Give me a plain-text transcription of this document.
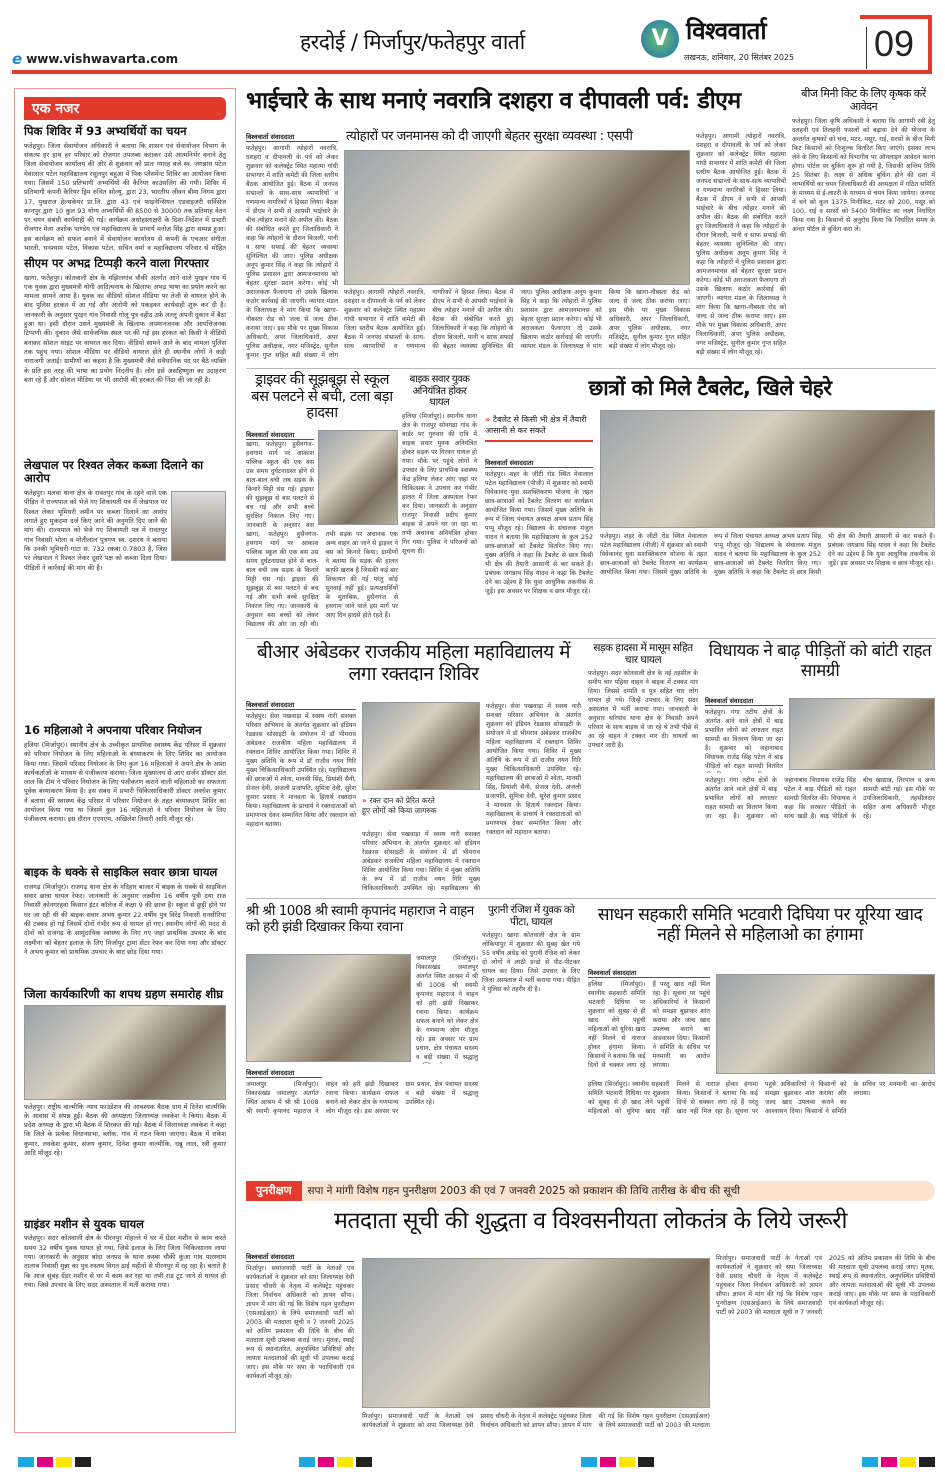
e www.vishwavarta.com
हरदोई / मिर्जापुर/फतेहपुर वार्ता	V विश्ववार्ता
लखनऊ, शनिवार, 20 सितंबर 2025 09
एक नजर
पिक शिविर में 93 अभ्यर्थियों का चयन
फतेहपुर। जिला सेवायोजन अधिकारी ने बताया कि शासन एवं सेवायोजन विभाग के संकल्प हर हाथ हर परिवार को रोजगार उपलब्ध कराकर उसे आत्मनिर्भर बनाने हेतु जिला सेवायोजन कार्यालय की ओर से शुक्रवार को प्रातः ग्यारह बजे स्व. जगन्नाथ पटेल मेवालाल पटेल महाविद्यालय रसूलपुर बहुआ में पिक प्लेसमेन्ट शिविर का आयोजन किया गया। जिसमें 150 प्रतिभागी अभ्यर्थियों की कैरियर काउंसलिंग की गयी। शिविर में प्रतिभागी कंपनी कैरियर ड्रिम रुचित सोल्यू. द्वारा 23, भारतीय जीवन बीमा निगम द्वारा 17, पुखराज हेल्थकेयर प्रा.लि. द्वारा 43 एवं फाइनेन्सियल एडवाइजरी सर्विसेज कानपुर द्वारा 10 कुल 93 योग्य अभ्यर्थियों की 8500 से 30000 तक प्रतिमाह वेतन पर चयन संबंधी कार्यवाही की गई। कार्यक्रम अधोहस्ताक्षरी के दिशा-निर्देशन में प्रभारी रोजगार मेला अशोक पाण्डेय एवं महाविद्यालय के प्राचार्य मनोज सिंह द्वारा सम्पन्न हुआ। इस कार्यक्रम को सफल बनाने में सेवायोजन कार्यालय से कंपनी के एचआर संगीता भारती, घनश्याम पटेल, विकास पटेल, सचिन वर्मा व महाविद्यालय परिवार से मोहित
सीएम पर अभद्र टिप्पड़ी करने वाला गिरफ्तार
खागा, फतेहपुर। कोतवाली क्षेत्र के मंझिलगांव चौकी अंतर्गत आने वाले पुरइन गांव में एक युवक द्वारा मुख्यमंत्री योगी आदित्यनाथ के खिलाफ अभद्र भाषा का प्रयोग करने का मामला सामने आया है। युवक का वीडियो सोशल मीडिया पर तेजी से वायरल होने के बाद पुलिस हरकत में आ गई और आरोपी को पकड़कर कार्यवाही शुरू कर दी है। जानकारी के अनुसार पुरइन गांव निवासी गोलू पुत्र वहीद उर्फ लल्लू अपनी दुकान में बैठा हुआ था। इसी दौरान उसने मुख्यमंत्री के खिलाफ अपमानजनक और आपत्तिजनक टिप्पणी की। दुकान जैसे सार्वजनिक स्थल पर की गई इस हरकत को किसी ने वीडियो बनाकर सोशल साइट पर वायरल कर दिया। वीडियो सामने आने के बाद मामला पुलिस तक पहुंच गया। सोशल मीडिया पर वीडियो वायरल होते ही स्थानीय लोगों ने कड़ी नाराजगी जताई। ग्रामीणों का कहना है कि मुख्यमंत्री जैसे संवैधानिक पद पर बैठे व्यक्ति के प्रति इस तरह की भाषा का प्रयोग निंदनीय है। लोग इसे असहिष्णुता का उदाहरण बता रहे हैं और सोशल मीडिया पर भी आरोपी की हरकत की निंदा की जा रही है।
लेखपाल पर रिश्वत लेकर कब्जा दिलाने का आरोप
फतेहपुर। मलवां थाना क्षेत्र के रावतपुर गांव के रहने वाले एक पीड़ित ने राज्यपाल को भेजे गए शिकायती पत्र में लेखपाल पर रिश्वत लेकर भूमिधरी जमीन पर कब्जा दिलाने का आरोप लगाते हुए मुकदमा दर्ज किए जाने की अनुमति दिए जाने की मांग की। राज्यपाल को भेजे गए शिकायती पत्र में रावतपुर गांव निवासी भोला व मोतीलाल पुत्रगण स्व. दशरथ ने बताया कि उनकी भूमिधरी गाटा सं. 732 रकबा 0.7803 है, जिस पर लेखपाल ने रिश्वत लेकर दूसरे पक्ष को कब्जा दिला दिया। पीड़ितों ने कार्रवाई की मांग की है।
16 महिलाओ ने अपनाया परिवार नियोजन
हलिया (मिर्जापुर)। स्थानीय क्षेत्र के उच्चीकृत प्राथमिक स्वास्थ्य केंद्र परिसर में शुक्रवार को परिवार नियोजन के लिए महिलाओ के बंध्याकरण के लिए शिविर का आयोजन किया गया। जिसमें परिवार नियोजन के लिए कुल 16 महिलाओ ने अपने क्षेत्र के आशा कार्यकर्ताओ के माध्यम से पंजीकरण कराया। जिला मुख्यालय से आए सर्जन डॉक्टर संत लाल कि टीम ने परिवार नियोजन के लिए पंजीकरण कराने वाली महिलाओ का सफलता पूर्वक बंध्याकरण किया है। इस संबंध में प्रभारी चिकित्साधिकारी डॉक्टर अवधेश कुमार ने बताया की स्वास्थ्य केंद्र परिसर में परिवार नियोजन के तहत बंध्याकरण शिविर का आयोजन किया गया था जिसमें कुल 16 महिलाओ ने परिवार नियोजन के लिए पंजीकरण कराया। इस दौरान एएनएम, अखिलेश तिवारी आदि मौजूद रहे।
बाइक के धक्के से साइकिल सवार छात्रा घायल
राजगढ़ (मिर्जापुर)। राजगढ़ थाना क्षेत्र के नदिहार बाजार में बाइक के धक्के से साइकिल सवार छात्रा घायल रेफर। जानकारी के अनुसार लक्ष्मीना 16 वर्षीय पुत्री दया राज निवासी कोनगरहवा किसान इंटर कॉलेज में कक्षा 9 की छात्रा है। स्कूल से छुट्टी होने पर घर जा रही थी की बाइक सवार अभय कुमार 22 वर्षीय पुत्र विरेंद्र निवासी धनसीरिया की टक्कर हो गई जिसमें दोनों गंभीर रूप से घायल हो गए। स्थानीय लोगों की मदद से दोनों को राजगढ़ के सामुदायिक स्वास्थ्य के लिए गए जहां प्राथमिक उपचार के बाद लक्ष्मीना को बेहतर इलाज के लिए मिर्जापुर ट्रामा सेंटर रेफर कर दिया गया और डॉक्टर ने अभय कुमार को प्राथमिक उपचार के बाद छोड़ दिया गया।
जिला कार्यकारिणी का शपथ ग्रहण समारोह शीघ्र
फतेहपुर। राष्ट्रीय वाल्मीकि न्याय फाउंडेशन की आवश्यक बैठक ग्राम में दिनेश वाल्मीकि के आवास में संपन्न हुई। बैठक की अध्यक्षता जिलाध्यक्ष लवकेश ने किया। बैठक में प्रदेश अध्यक्ष के द्वारा भी बैठक में शिरकत की गई। बैठक में जिलाध्यक्ष लवकेश ने कहा कि जिले के प्रत्येक विधानसभा, ब्लॉक, गांव में गठन किया जाएगा। बैठक में राकेश कुमार, लवकेश कुमार, संजय कुमार, दिनेश कुमार वाल्मीकि, धन्नू लाल, रवी कुमार आदि मौजूद रहे।
ग्राइंडर मशीन से युवक घायल
फतेहपुर। सदर कोतवाली क्षेत्र के पीरनपुर मोहल्ले में घर में ग्रेंडर मशीन से काम करते समय 32 वर्षीय युवक घायल हो गया, जिसे इलाज के लिए जिला चिकित्सालय लाया गया। जानकारी के अनुसार बांदा जनपद के थाना कस्बा चौकी कुंआ गांव पारस्थाम तालाब निवासी मुन्ना का पुत्र रुस्तम विगत ढाई महीनों से पीरनपुर में रह रहा है। बताते है कि आज सुबह ग्रेंडर मशीन से घर में काम कर रहा था तभी राड टूट जाने से घायल हो गया। जिसे उपचार के लिए सदर अस्पताल में भर्ती कराया गया।
भाईचारे के साथ मनाएं नवरात्रि दशहरा व दीपावली पर्व: डीएम
विश्ववार्ता संवाददाता	त्योहारों पर जनमानस को दी जाएगी बेहतर सुरक्षा व्यवस्था : एसपी
फतेहपुर। आगामी त्योहारों नवरात्रि, दशहरा व दीपावली के पर्व को लेकर शुक्रवार को कलेक्ट्रेट स्थित महात्मा गांधी सभागार में शांति कमेटी की जिला स्तरीय बैठक आयोजित हुई। बैठक में जनपद संभ्रान्तों के साथ-साथ व्यापारियों व गणमान्य नागरिकों ने हिस्सा लिया। बैठक में डीएम ने सभी से आपसी भाईचारे के बीच त्योहार मनाने की अपील की। बैठक की संबोधित करते हुए जिलाधिकारी ने कहा कि त्योहारों के दौरान बिजली, पानी व साफ सफाई की बेहतर व्यवस्था सुनिश्चित की जाए। पुलिस अधीक्षक अनूप कुमार सिंह ने कहा कि त्योहारों में पुलिस प्रशासन द्वारा आमजनमानस को बेहतर सुरक्षा प्रदान करेगा। कोई भी अराजकता फैलाएगा तो उसके खिलाफ कठोर कार्रवाई की जाएगी। व्यापार मंडल के जिलाध्यक्ष ने मांग किया कि खागा-नौबस्ता रोड को जल्द से जल्द ठीक कराया जाए। इस मौके पर मुख्य विकास अधिकारी, अपर जिलाधिकारी, अपर पुलिस अधीक्षक, नगर मजिस्ट्रेट, सुनील कुमार गुप्त सहित बड़ी संख्या में लोग
फतेहपुर। आगामी त्योहारों नवरात्रि, दशहरा व दीपावली के पर्व को लेकर शुक्रवार को कलेक्ट्रेट स्थित महात्मा गांधी सभागार में शांति कमेटी की जिला स्तरीय बैठक आयोजित हुई। बैठक में जनपद संभ्रान्तों के साथ-साथ व्यापारियों व गणमान्य नागरिकों ने हिस्सा लिया। बैठक में डीएम ने सभी से आपसी भाईचारे के बीच त्योहार मनाने की अपील की। बैठक की संबोधित करते हुए जिलाधिकारी ने कहा कि त्योहारों के दौरान बिजली, पानी व साफ सफाई की बेहतर व्यवस्था सुनिश्चित की जाए। पुलिस अधीक्षक अनूप कुमार सिंह ने कहा कि त्योहारों में पुलिस प्रशासन द्वारा आमजनमानस को बेहतर सुरक्षा प्रदान करेगा। कोई भी अराजकता फैलाएगा तो उसके खिलाफ कठोर कार्रवाई की जाएगी। व्यापार मंडल के जिलाध्यक्ष ने मांग किया कि खागा-नौबस्ता रोड को जल्द से जल्द ठीक कराया जाए। इस मौके पर मुख्य विकास अधिकारी, अपर जिलाधिकारी, अपर पुलिस अधीक्षक, नगर मजिस्ट्रेट, सुनील कुमार गुप्त सहित बड़ी संख्या में लोग मौजूद रहे।
फतेहपुर। आगामी त्योहारों नवरात्रि, दशहरा व दीपावली के पर्व को लेकर शुक्रवार को कलेक्ट्रेट स्थित महात्मा गांधी सभागार में शांति कमेटी की जिला स्तरीय बैठक आयोजित हुई। बैठक में जनपद संभ्रान्तों के साथ-साथ व्यापारियों व गणमान्य नागरिकों ने हिस्सा लिया। बैठक में डीएम ने सभी से आपसी भाईचारे के बीच त्योहार मनाने की अपील की। बैठक की संबोधित करते हुए जिलाधिकारी ने कहा कि त्योहारों के दौरान बिजली, पानी व साफ सफाई की बेहतर व्यवस्था सुनिश्चित की जाए। पुलिस अधीक्षक अनूप कुमार सिंह ने कहा कि त्योहारों में पुलिस प्रशासन द्वारा आमजनमानस को बेहतर सुरक्षा प्रदान करेगा। कोई भी अराजकता फैलाएगा तो उसके खिलाफ कठोर कार्रवाई की जाएगी। व्यापार मंडल के जिलाध्यक्ष ने मांग किया कि खागा-नौबस्ता रोड को जल्द से जल्द ठीक कराया जाए। इस मौके पर मुख्य विकास अधिकारी, अपर जिलाधिकारी, अपर पुलिस अधीक्षक, नगर मजिस्ट्रेट, सुनील कुमार गुप्त सहित बड़ी संख्या में लोग मौजूद रहे।
बीज मिनी किट के लिए कृषक करें आवेदन
फतेहपुर। जिला कृषि अधिकारी ने बताया कि आगामी रबी हेतु दलहनी एवं तिलहनी फसलों को बढ़ावा देने की योजना के अन्तर्गत कृषकों को चना, मटर, मसूर, राई, सरसों के बीज मिनी किट किसानों को निःशुल्क वितरित किए जाएंगे। इसका लाभ लेने के लिए किसानों को विभागीय पर ऑनलाइन आवेदन करना होगा। पोर्टल पर बुकिंग शुरू हो गयी है, जिसकी अन्तिम तिथि 25 सितंबर है। लक्ष्य से अधिक बुकिंग होने की दशा में लाभार्थियों का चयन जिलाधिकारी की अध्यक्षता में गठित समिति के माध्यम से ई-लाटरी के माध्यम से चयन किया जायेगा। जनपद में चने को कुल 1375 मिनीकिट, मटर को 200, मसूर को 100, राई व सरसों को 5400 मिनीकिट का लक्ष्य निर्धारित किया गया है। किसानों से अनुरोध किया कि निर्धारित समय के अन्दर पोर्टल से बुकिंग करा लें।
ड्राइवर की सूझबूझ से स्कूल बस पलटने से बची, टला बड़ा हादसा
विश्ववार्ता संवाददाता
खागा, फतेहपुर। हुसैनगंज-हथगाम मार्ग पर आकाश पब्लिक स्कूल की एक बस उस समय दुर्घटनाग्रस्त होने से बाल-बाल बची जब सड़क के किनारे मिट्टी धंस गई। ड्राइवर की सूझबूझ से बस पलटने से बच गई और सभी बच्चे सुरक्षित निकाल लिए गए। जानकारी के अनुसार बस
खागा, फतेहपुर। हुसैनगंज-हथगाम मार्ग पर आकाश पब्लिक स्कूल की एक बस उस समय दुर्घटनाग्रस्त होने से बाल-बाल बची जब सड़क के किनारे मिट्टी धंस गई। ड्राइवर की सूझबूझ से बस पलटने से बच गई और सभी बच्चे सुरक्षित निकाल लिए गए। जानकारी के अनुसार बस बच्चों को लेकर विद्यालय की ओर जा रही थी। तभी सड़क पर अचानक एक अन्य वाहन आ जाने से ड्राइवर ने बस को किनारे किया। ग्रामीणों ने बताया कि सड़क की हालत काफी खराब है जिसकी कई बार शिकायत की गई परंतु कोई सुनवाई नहीं हुई। प्रत्यक्षदर्शियों के मुताबिक, हुसैनगंज से हथगाम जाने वाले इस मार्ग पर आए दिन हादसे होते रहते हैं।
बाइक सवार युवक अनियंत्रित होकर घायल
हलिया (मिर्जापुर)। स्थानीय थाना क्षेत्र के राजपुर सोनगढ़ा गांव के बार्डर पर गुरुवार की रात्रि में बाइक सवार युवक अनियंत्रित होकर सड़क पर गिरकर घायल हो गया। मौके पर पहुंचे लोगों ने उपचार के लिए प्राथमिक स्वास्थ्य केंद्र हलिया लेकर आए जहां पर चिकित्सक ने उपचार कर गंभीर हालत में जिला अस्पताल रेफर कर दिया। जानकारी के अनुसार राजपुर निवासी प्रदीप कुमार बाइक से अपने घर जा रहा था तभी अचानक अनियंत्रित होकर गिर गया। पुलिस ने परिजनों को सूचना दी।
छात्रों को मिले टैबलेट, खिले चेहरे
» टैबलेट से किसी भी क्षेत्र में तैयारी आसानी से कर सकते
विश्ववार्ता संवाददाता
फतेहपुर। शहर के जीटी रोड स्थित मेवालाल पटेल महाविद्यालय (पीजी) में शुक्रवार को स्वामी विवेकानंद युवा सशक्तिकरण योजना के तहत छात्र-छात्राओं को टैबलेट वितरण का कार्यक्रम आयोजित किया गया। जिसमें मुख्य अतिथि के रूप में जिला पंचायत अध्यक्ष अभय प्रताप सिंह पप्पू मौजूद रहे। विद्यालय के संचालक मंजुल यादव ने बताया कि महाविद्यालय के कुल 252 छात्र-छात्राओं को टैबलेट वितरित किए गए। मुख्य अतिथि ने कहा कि टैबलेट से छात्र किसी भी क्षेत्र की तैयारी आसानी से कर सकते हैं। प्रबंधक जगन्नाथ सिंह यादव ने कहा कि टैबलेट देने का उद्देश्य है कि युवा आधुनिक तकनीक से जुड़ें। इस अवसर पर शिक्षक व छात्र मौजूद रहे।
फतेहपुर। शहर के जीटी रोड स्थित मेवालाल पटेल महाविद्यालय (पीजी) में शुक्रवार को स्वामी विवेकानंद युवा सशक्तिकरण योजना के तहत छात्र-छात्राओं को टैबलेट वितरण का कार्यक्रम आयोजित किया गया। जिसमें मुख्य अतिथि के रूप में जिला पंचायत अध्यक्ष अभय प्रताप सिंह पप्पू मौजूद रहे। विद्यालय के संचालक मंजुल यादव ने बताया कि महाविद्यालय के कुल 252 छात्र-छात्राओं को टैबलेट वितरित किए गए। मुख्य अतिथि ने कहा कि टैबलेट से छात्र किसी भी क्षेत्र की तैयारी आसानी से कर सकते हैं। प्रबंधक जगन्नाथ सिंह यादव ने कहा कि टैबलेट देने का उद्देश्य है कि युवा आधुनिक तकनीक से जुड़ें। इस अवसर पर शिक्षक व छात्र मौजूद रहे।
बीआर अंबेडकर राजकीय महिला महाविद्यालय में लगा रक्तदान शिविर
विश्ववार्ता संवाददाता
फतेहपुर। सेवा पखवाड़ा में स्वस्थ नारी सशक्त परिवार अभियान के अंतर्गत शुक्रवार को इंडियन रेडक्रास सोसाइटी के संयोजन में डॉ भीमराव अंबेडकर राजकीय महिला महाविद्यालय में रक्तदान शिविर आयोजित किया गया। शिविर में मुख्य अतिथि के रूप में डॉ राजीव नयन गिरि मुख्य चिकित्साधिकारी उपस्थित रहे। महाविद्यालय की छात्राओं में श्वेता, मानसी सिंह, प्रियांशी सैनी, सेजल देवी, अंजली प्रजापति, सुमित्रा देवी, सुरेश कुमार प्रसाद ने मानवता के हितार्थ रक्तदान किया। महाविद्यालय के प्राचार्य ने रक्तदाताओं को प्रमाणपत्र देकर सम्मानित किया और रक्तदान को महादान बताया।
» रक्त दान को प्रेरित करते हुए लोगों को किया जागरुक
फतेहपुर। सेवा पखवाड़ा में स्वस्थ नारी सशक्त परिवार अभियान के अंतर्गत शुक्रवार को इंडियन रेडक्रास सोसाइटी के संयोजन में डॉ भीमराव अंबेडकर राजकीय महिला महाविद्यालय में रक्तदान शिविर आयोजित किया गया। शिविर में मुख्य अतिथि के रूप में डॉ राजीव नयन गिरि मुख्य चिकित्साधिकारी उपस्थित रहे। महाविद्यालय की
फतेहपुर। सेवा पखवाड़ा में स्वस्थ नारी सशक्त परिवार अभियान के अंतर्गत शुक्रवार को इंडियन रेडक्रास सोसाइटी के संयोजन में डॉ भीमराव अंबेडकर राजकीय महिला महाविद्यालय में रक्तदान शिविर आयोजित किया गया। शिविर में मुख्य अतिथि के रूप में डॉ राजीव नयन गिरि मुख्य चिकित्साधिकारी उपस्थित रहे। महाविद्यालय की छात्राओं में श्वेता, मानसी सिंह, प्रियांशी सैनी, सेजल देवी, अंजली प्रजापति, सुमित्रा देवी, सुरेश कुमार प्रसाद ने मानवता के हितार्थ रक्तदान किया। महाविद्यालय के प्राचार्य ने रक्तदाताओं को प्रमाणपत्र देकर सम्मानित किया और रक्तदान को महादान बताया।
सड़क हादसा में मासूम सहित चार घायल
फतेहपुर। सदर कोतवाली क्षेत्र के नई तहसील के समीप चार पहिया वाहन ने बाइक में टक्कर मार दिया। जिससे दम्पति व पुत्र सहित चार लोग घायल हो गये। जिन्हें उपचार के लिए सदर अस्पताल में भर्ती कराया गया। जानकारी के अनुसार थरियांव थाना क्षेत्र के निवासी अपने परिवार के साथ बाइक से जा रहे थे तभी पीछे से आ रहे वाहन ने टक्कर मार दी। घायलों का उपचार जारी है।
विधायक ने बाढ़ पीड़ितों को बांटी राहत सामग्री
विश्ववार्ता संवाददाता
फतेहपुर। गंगा तटीय क्षेत्रों के अंतर्गत आने वाले क्षेत्रों में बाढ़ प्रभावित लोगों को लगातार राहत सामग्री का वितरण किया जा रहा है। शुक्रवार को जहानाबाद विधायक राजेंद्र सिंह पटेल ने बाढ़ पीड़ितों को राहत सामग्री वितरित
फतेहपुर। गंगा तटीय क्षेत्रों के अंतर्गत आने वाले क्षेत्रों में बाढ़ प्रभावित लोगों को लगातार राहत सामग्री का वितरण किया जा रहा है। शुक्रवार को जहानाबाद विधायक राजेंद्र सिंह पटेल ने बाढ़ पीड़ितों को राहत सामग्री वितरित की। विधायक ने कहा कि सरकार पीड़ितों के साथ खड़ी है। बाढ़ पीड़ितों के बीच खाद्यान्न, तिरपाल व अन्य सामग्री बांटी गई। इस मौके पर उपजिलाधिकारी, तहसीलदार सहित अन्य अधिकारी मौजूद रहे।
श्री श्री 1008 श्री स्वामी कृपानंद महाराज ने वाहन को हरी झंडी दिखाकर किया रवाना
जमालपुर (मिर्जापुर)। विकासखंड जमालपुर अंतर्गत स्थित आश्रम में श्री श्री 1008 श्री स्वामी कृपानंद महाराज ने वाहन को हरी झंडी दिखाकर रवाना किया। कार्यक्रम सफल बनाने को लेकर क्षेत्र के गणमान्य लोग मौजूद रहे। इस अवसर पर ग्राम प्रधान, क्षेत्र पंचायत सदस्य व बड़ी संख्या में श्रद्धालु
विश्ववार्ता संवाददाता
जमालपुर (मिर्जापुर)। विकासखंड जमालपुर अंतर्गत स्थित आश्रम में श्री श्री 1008 श्री स्वामी कृपानंद महाराज ने वाहन को हरी झंडी दिखाकर रवाना किया। कार्यक्रम सफल बनाने को लेकर क्षेत्र के गणमान्य लोग मौजूद रहे। इस अवसर पर ग्राम प्रधान, क्षेत्र पंचायत सदस्य व बड़ी संख्या में श्रद्धालु उपस्थित रहे।
पुरानी रंजिश में युवक को पीटा, घायल
फतेहपुर। खागा कोतवाली क्षेत्र के ग्राम लोकियापुर में शुक्रवार की सुबह खेत गये 55 वर्षीय अधेड़ को पुरानी रंजिश को लेकर दो लोगों ने लाठी डन्डो से पीट-पीटकर घायल कर दिया। जिसे उपचार के लिए जिला अस्पताल में भर्ती कराया गया। पीड़ित ने पुलिस को तहरीर दी है।
साधन सहकारी समिति भटवारी दिघिया पर यूरिया खाद नहीं मिलने से महिलाओ का हंगामा
विश्ववार्ता संवाददाता
हलिया (मिर्जापुर)। स्थानीय सहकारी समिति भटवारी दिघिया पर शुक्रवार को सुबह से ही खाद लेने पहुंची महिलाओं को यूरिया खाद नहीं मिलने से नाराज होकर हंगामा किया। किसानों ने बताया कि कई दिनों से चक्कर लगा रहे हैं परंतु खाद नहीं मिल रहा है। सूचना पर पहुंचे अधिकारियों ने किसानों को समझा बुझाकर शांत कराया और जल्द खाद उपलब्ध कराने का आश्वासन दिया। किसानों ने समिति के सचिव पर मनमानी का आरोप लगाया।
हलिया (मिर्जापुर)। स्थानीय सहकारी समिति भटवारी दिघिया पर शुक्रवार को सुबह से ही खाद लेने पहुंची महिलाओं को यूरिया खाद नहीं मिलने से नाराज होकर हंगामा किया। किसानों ने बताया कि कई दिनों से चक्कर लगा रहे हैं परंतु खाद नहीं मिल रहा है। सूचना पर पहुंचे अधिकारियों ने किसानों को समझा बुझाकर शांत कराया और जल्द खाद उपलब्ध कराने का आश्वासन दिया। किसानों ने समिति के सचिव पर मनमानी का आरोप लगाया।
पुनरीक्षण	सपा ने मांगी विशेष गहन पुनरीक्षण 2003 की एवं 7 जनवरी 2025 को प्रकाशन की तिथि तारीख के बीच की सूची
मतदाता सूची की शुद्धता व विश्वसनीयता लोकतंत्र के लिये जरूरी
विश्ववार्ता संवाददाता
मिर्जापुर। समाजवादी पार्टी के नेताओं एवं कार्यकर्ताओं ने शुक्रवार को सपा जिलाध्यक्ष देवी प्रसाद चौधरी के नेतृत्व में कलेक्ट्रेट पहुंचकर जिला निर्वाचन अधिकारी को ज्ञापन सौंपा। ज्ञापन में मांग की गई कि विशेष गहन पुनरीक्षण (एसआईआर) के लिये समाजवादी पार्टी को 2003 की मतदाता सूची व 7 जनवरी 2025 को अंतिम प्रकाशन की तिथि के बीच की मतदाता सूची उपलब्ध कराई जाए। मृतक, स्थाई रूप से स्थानांतरित, अनुपस्थित प्रविष्टियों और लापता मतदाताओं की सूची भी उपलब्ध कराई जाए। इस मौके पर सपा के पदाधिकारी एवं कार्यकर्ता मौजूद रहे।
मिर्जापुर। समाजवादी पार्टी के नेताओं एवं कार्यकर्ताओं ने शुक्रवार को सपा जिलाध्यक्ष देवी प्रसाद चौधरी के नेतृत्व में कलेक्ट्रेट पहुंचकर जिला निर्वाचन अधिकारी को ज्ञापन सौंपा। ज्ञापन में मांग की गई कि विशेष गहन पुनरीक्षण (एसआईआर) के लिये समाजवादी पार्टी को 2003 की मतदाता
मिर्जापुर। समाजवादी पार्टी के नेताओं एवं कार्यकर्ताओं ने शुक्रवार को सपा जिलाध्यक्ष देवी प्रसाद चौधरी के नेतृत्व में कलेक्ट्रेट पहुंचकर जिला निर्वाचन अधिकारी को ज्ञापन सौंपा। ज्ञापन में मांग की गई कि विशेष गहन पुनरीक्षण (एसआईआर) के लिये समाजवादी पार्टी को 2003 की मतदाता सूची व 7 जनवरी 2025 को अंतिम प्रकाशन की तिथि के बीच की मतदाता सूची उपलब्ध कराई जाए। मृतक, स्थाई रूप से स्थानांतरित, अनुपस्थित प्रविष्टियों और लापता मतदाताओं की सूची भी उपलब्ध कराई जाए। इस मौके पर सपा के पदाधिकारी एवं कार्यकर्ता मौजूद रहे।
